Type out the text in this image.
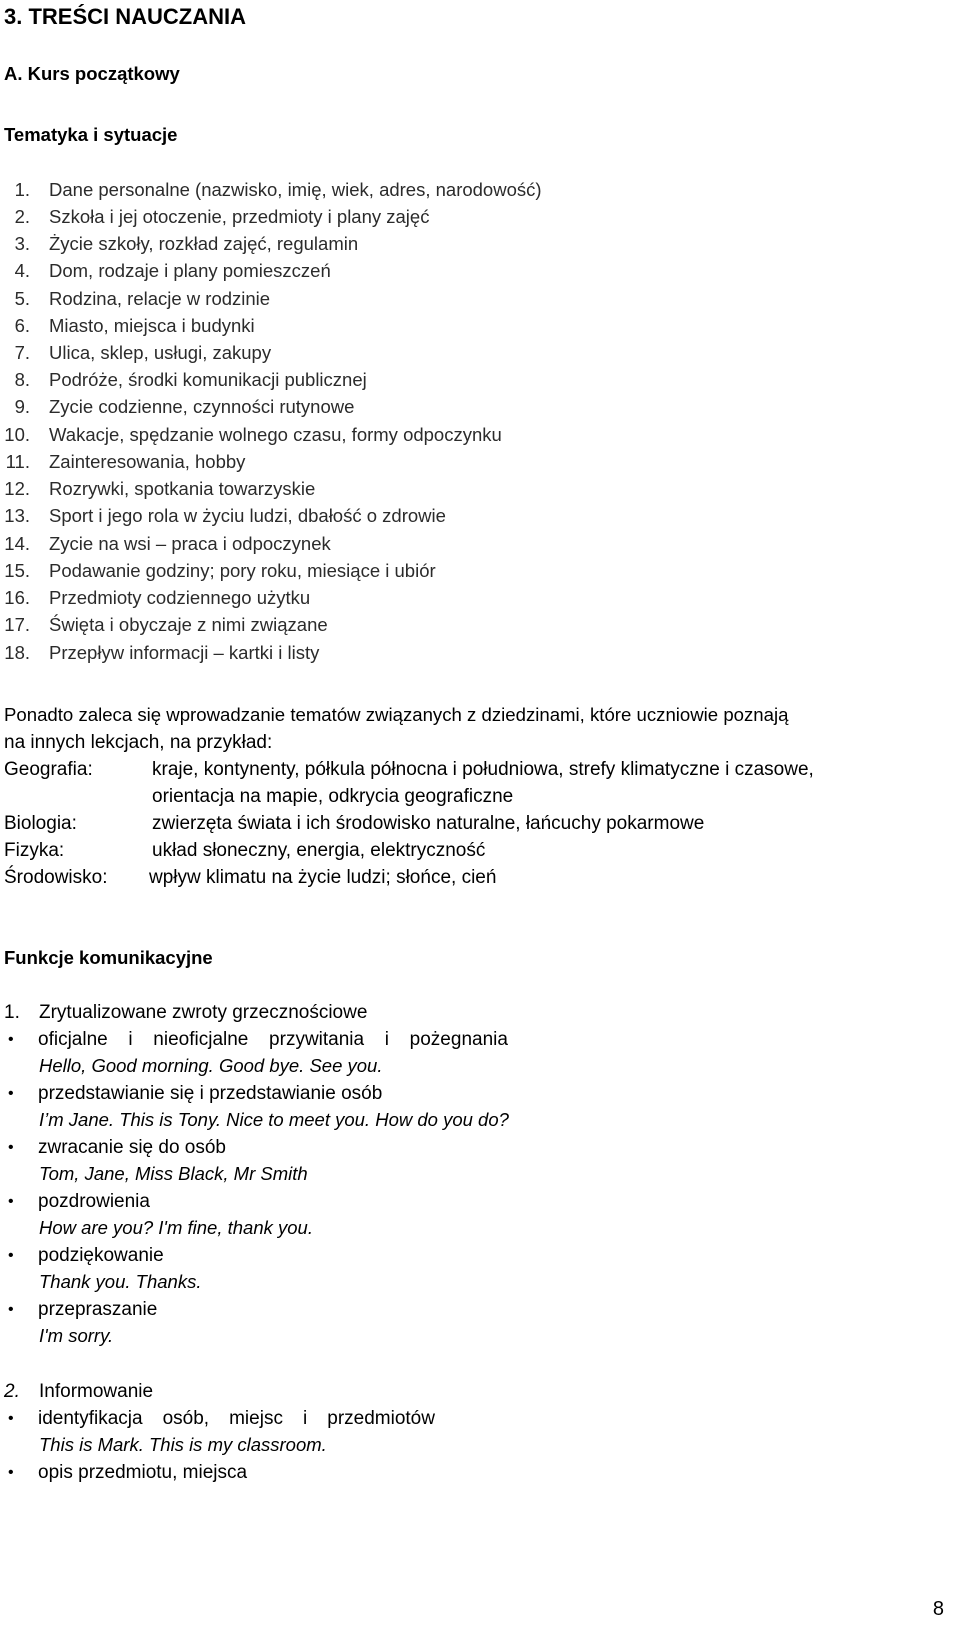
3. TREŚCI NAUCZANIA
A. Kurs początkowy
Tematyka i sytuacje
1. Dane personalne (nazwisko, imię, wiek, adres, narodowość)
2. Szkoła i jej otoczenie, przedmioty i plany zajęć
3. Życie szkoły, rozkład zajęć, regulamin
4. Dom, rodzaje i plany pomieszczeń
5. Rodzina, relacje w rodzinie
6. Miasto, miejsca i budynki
7. Ulica, sklep, usługi, zakupy
8. Podróże, środki komunikacji publicznej
9. Zycie codzienne, czynności rutynowe
10. Wakacje, spędzanie wolnego czasu, formy odpoczynku
11. Zainteresowania, hobby
12. Rozrywki, spotkania towarzyskie
13. Sport i jego rola w życiu ludzi, dbałość o zdrowie
14. Zycie na wsi – praca i odpoczynek
15. Podawanie godziny; pory roku, miesiące i ubiór
16. Przedmioty codziennego użytku
17. Święta i obyczaje z nimi związane
18. Przepływ informacji – kartki i listy
Ponadto zaleca się wprowadzanie tematów związanych z dziedzinami, które uczniowie poznają
na innych lekcjach, na przykład:
Geografia:	kraje, kontynenty, półkula północna i południowa, strefy klimatyczne i czasowe,
orientacja na mapie, odkrycia geograficzne
Biologia:	zwierzęta świata i ich środowisko naturalne, łańcuchy pokarmowe
Fizyka:	układ słoneczny, energia, elektryczność
Środowisko: wpływ klimatu na życie ludzi; słońce, cień
Funkcje komunikacyjne
1. Zrytualizowane zwroty grzecznościowe
• oficjalne i nieoficjalne przywitania i pożegnania
Hello, Good morning. Good bye. See you.
• przedstawianie się i przedstawianie osób
I’m Jane. This is Tony. Nice to meet you. How do you do?
• zwracanie się do osób
Tom, Jane, Miss Black, Mr Smith
• pozdrowienia
How are you? I'm fine, thank you.
• podziękowanie
Thank you. Thanks.
• przepraszanie
I'm sorry.
2. Informowanie
• identyfikacja osób, miejsc i przedmiotów
This is Mark. This is my classroom.
• opis przedmiotu, miejsca
8
